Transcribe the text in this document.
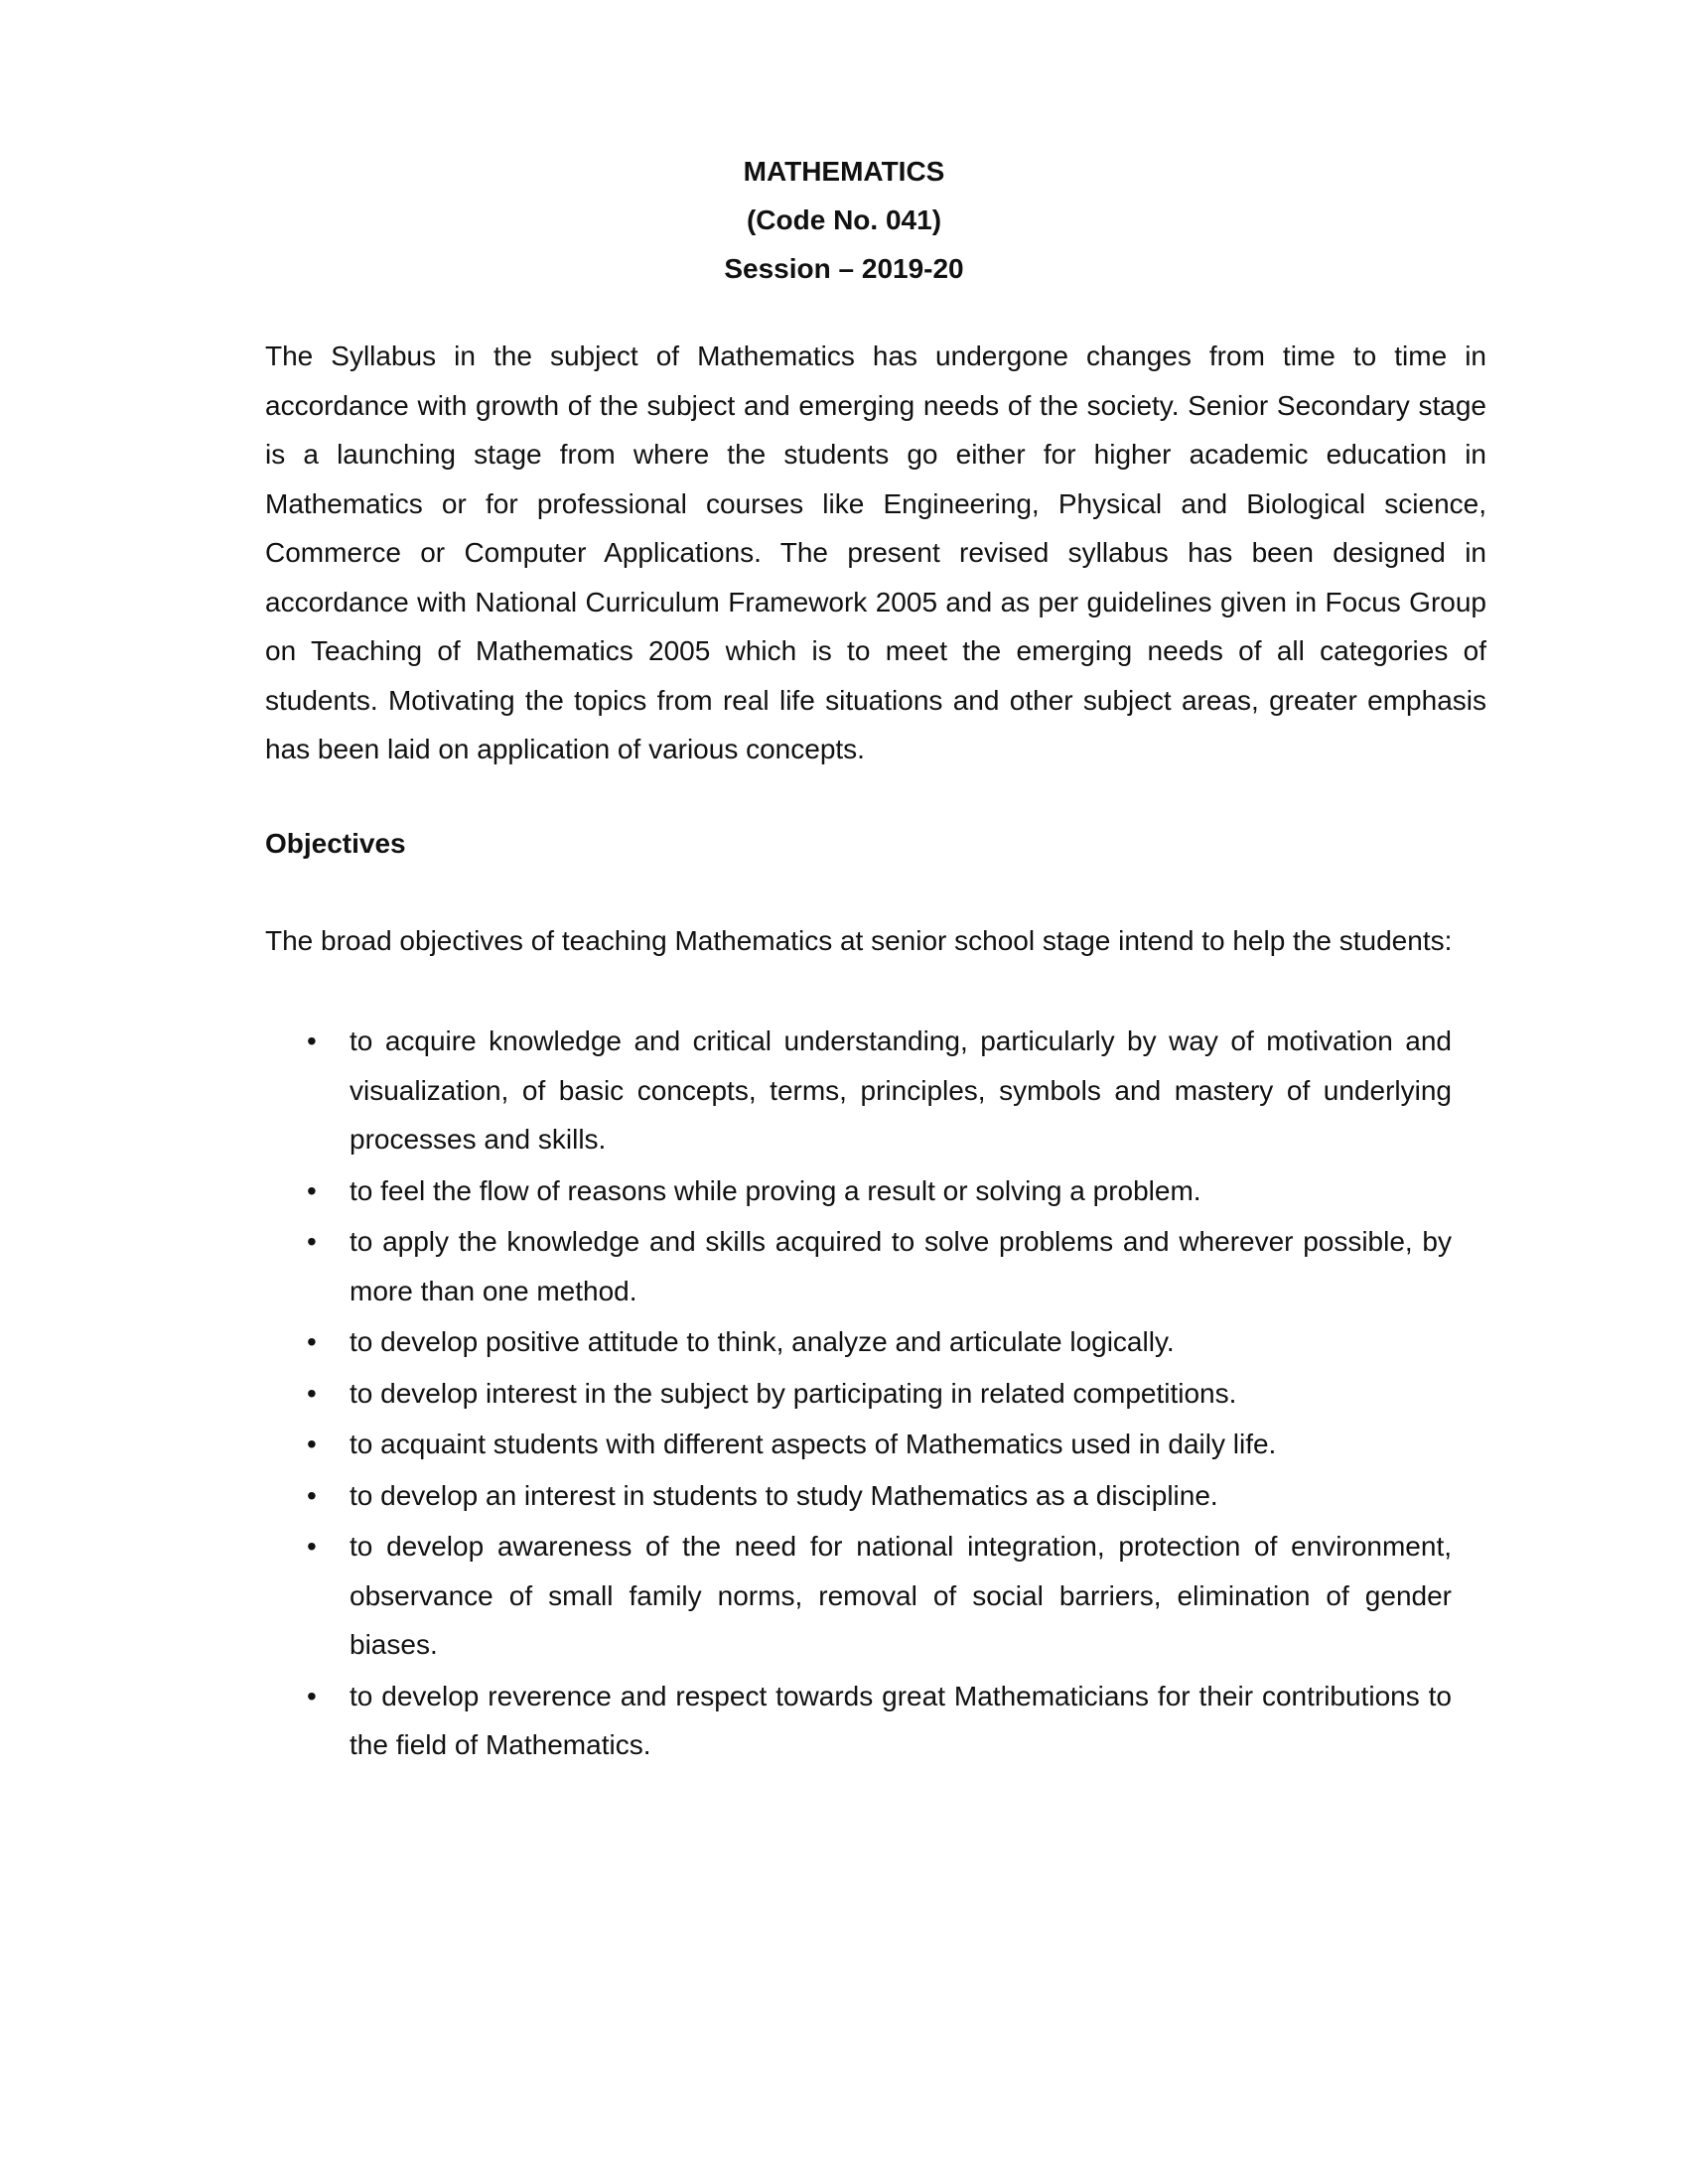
MATHEMATICS
(Code No. 041)
Session – 2019-20

The Syllabus in the subject of Mathematics has undergone changes from time to time in accordance with growth of the subject and emerging needs of the society. Senior Secondary stage is a launching stage from where the students go either for higher academic education in Mathematics or for professional courses like Engineering, Physical and Biological science, Commerce or Computer Applications. The present revised syllabus has been designed in accordance with National Curriculum Framework 2005 and as per guidelines given in Focus Group on Teaching of Mathematics 2005 which is to meet the emerging needs of all categories of students. Motivating the topics from real life situations and other subject areas, greater emphasis has been laid on application of various concepts.

Objectives

The broad objectives of teaching Mathematics at senior school stage intend to help the students:

•	to acquire knowledge and critical understanding, particularly by way of motivation and visualization, of basic concepts, terms, principles, symbols and mastery of underlying processes and skills.
•	to feel the flow of reasons while proving a result or solving a problem.
•	to apply the knowledge and skills acquired to solve problems and wherever possible, by more than one method.
•	to develop positive attitude to think, analyze and articulate logically.
•	to develop interest in the subject by participating in related competitions.
•	to acquaint students with different aspects of Mathematics used in daily life.
•	to develop an interest in students to study Mathematics as a discipline.
•	to develop awareness of the need for national integration, protection of environment, observance of small family norms, removal of social barriers, elimination of gender biases.
•	to develop reverence and respect towards great Mathematicians for their contributions to the field of Mathematics.
